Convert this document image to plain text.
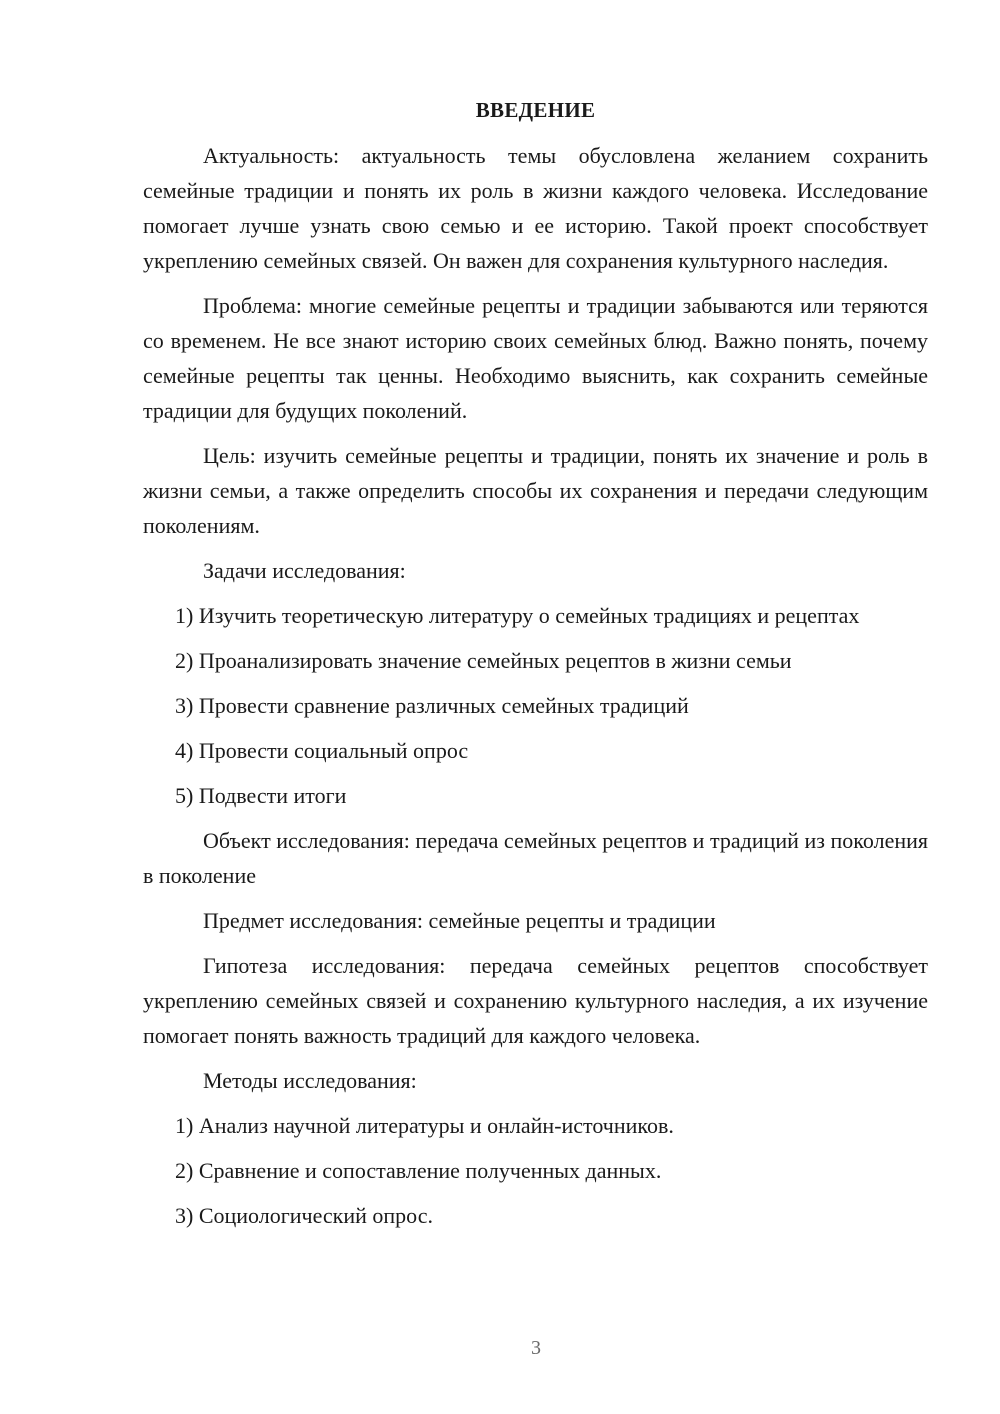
ВВЕДЕНИЕ

Актуальность: актуальность темы обусловлена желанием сохранить семейные традиции и понять их роль в жизни каждого человека. Исследование помогает лучше узнать свою семью и ее историю. Такой проект способствует укреплению семейных связей. Он важен для сохранения культурного наследия.

Проблема: многие семейные рецепты и традиции забываются или теряются со временем. Не все знают историю своих семейных блюд. Важно понять, почему семейные рецепты так ценны. Необходимо выяснить, как сохранить семейные традиции для будущих поколений.

Цель: изучить семейные рецепты и традиции, понять их значение и роль в жизни семьи, а также определить способы их сохранения и передачи следующим поколениям.

Задачи исследования:

1) Изучить теоретическую литературу о семейных традициях и рецептах

2) Проанализировать значение семейных рецептов в жизни семьи

3) Провести сравнение различных семейных традиций

4) Провести социальный опрос

5) Подвести итоги

Объект исследования: передача семейных рецептов и традиций из поколения в поколение

Предмет исследования: семейные рецепты и традиции

Гипотеза исследования: передача семейных рецептов способствует укреплению семейных связей и сохранению культурного наследия, а их изучение помогает понять важность традиций для каждого человека.

Методы исследования:

1) Анализ научной литературы и онлайн-источников.

2) Сравнение и сопоставление полученных данных.

3) Социологический опрос.

3
